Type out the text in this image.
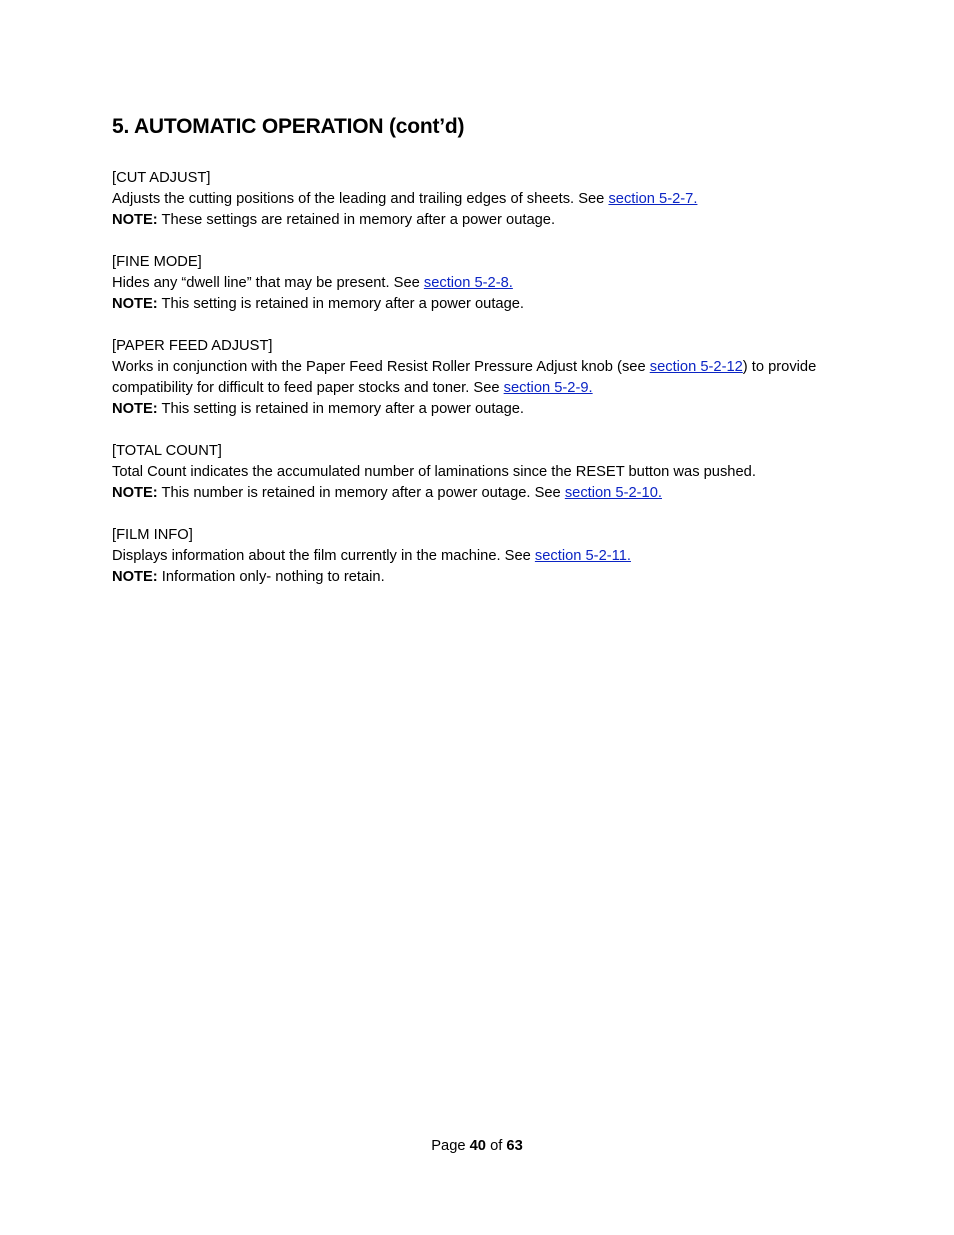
5. AUTOMATIC OPERATION (cont’d)
[CUT ADJUST]
Adjusts the cutting positions of the leading and trailing edges of sheets. See section 5-2-7.
NOTE: These settings are retained in memory after a power outage.
[FINE MODE]
Hides any “dwell line” that may be present. See section 5-2-8.
NOTE: This setting is retained in memory after a power outage.
[PAPER FEED ADJUST]
Works in conjunction with the Paper Feed Resist Roller Pressure Adjust knob (see section 5-2-12) to provide compatibility for difficult to feed paper stocks and toner. See section 5-2-9.
NOTE: This setting is retained in memory after a power outage.
[TOTAL COUNT]
Total Count indicates the accumulated number of laminations since the RESET button was pushed.
NOTE: This number is retained in memory after a power outage. See section 5-2-10.
[FILM INFO]
Displays information about the film currently in the machine. See section 5-2-11.
NOTE: Information only- nothing to retain.
Page 40 of 63
